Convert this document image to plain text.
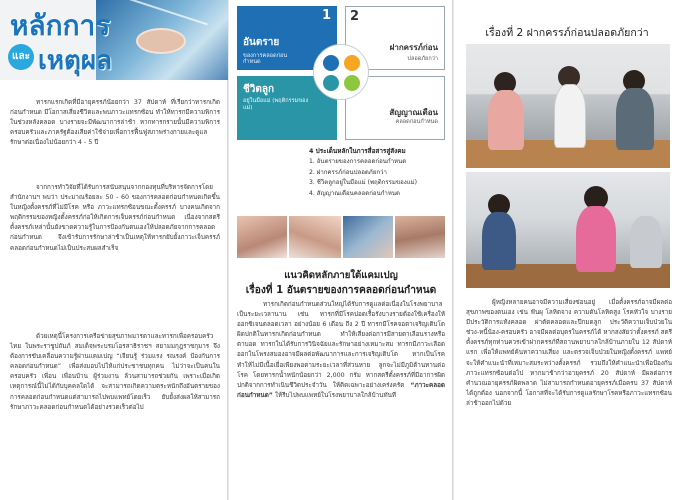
หลักการ
และ เหตุผล

ทารกแรกเกิดที่มีอายุครรภ์น้อยกว่า 37 สัปดาห์ ที่เรียกว่าทารกเกิดก่อนกำหนด มีโอกาสเสี่ยงชีวิตและพบภาวะแทรกซ้อน ทำให้ทารกมีความพิการในช่วงหลังคลอด บางรายจะมีพัฒนาการล่าช้า หากทารกรายนั้นมีความพิการ ครอบครัวและภาครัฐต้องเสียค่าใช้จ่ายเพื่อการฟื้นฟูสภาพร่างกายและดูแลรักษาต่อเนื่องไม่น้อยกว่า 4 - 5 ปี

จากการทำวิจัยที่ได้รับการสนับสนุนจากกองทุนที่บริหารจัดการโดยสำนักงานฯ พบว่า ประมาณร้อยละ 50 - 60 ของการคลอดก่อนกำหนดเกิดขึ้นในหญิงตั้งครรภ์ที่ไม่มีโรค หรือ ภาวะแทรกซ้อนขณะตั้งครรภ์ บางคนเกิดจากพฤติกรรมของหญิงตั้งครรภ์ก่อให้เกิดการเจ็บครรภ์ก่อนกำหนด เนื่องจากสตรีตั้งครรภ์เหล่านั้นยังขาดความรู้ในการป้องกันตนเองให้ปลอดภัยจากการคลอดก่อนกำหนด จึงเข้ารับการรักษาล่าช้าเป็นเหตุให้ทารกยับยั้งภาวะเจ็บครรภ์คลอดก่อนกำหนดไม่เป็นประสบผลสำเร็จ

ด้วยเหตุนี้โครงการเครือข่ายสุขภาพมารดาและทารกเพื่อครอบครัวไทย ในพระราชูปถัมภ์ สมเด็จพระบรมโอรสาธิราชฯ สยามมกุฎราชกุมาร จึงต้องการขับเคลื่อนความรู้ผ่านแคมเปญ “เจียนรู้ ร่วมแรง รณรงค์ ป้องกันการคลอดก่อนกำหนด” เพื่อส่งมอบไปให้แก่ประชาชนทุกคน ไม่ว่าจะเป็นคนในครอบครัว เพื่อน เพื่อนบ้าน ผู้ร่วมงาน ล้วนสามารถช่วยกัน เพราะเมื่อเกิดเหตุการณ์นี้ไม่ได้กับบุคคลใดได้ จะสามารถเกิดความตระหนักถึงอันตรายของการคลอดก่อนกำหนดแต่สามารถไปพบแพทย์โดยเร็ว ยับยั้งส่งผลให้สามารถรักษาภาวะคลอดก่อนกำหนดได้อย่างรวดเร็วต่อไป

1
อันตราย
ของการคลอดก่อนกำหนด
2
ฝากครรภ์ก่อน
ปลอดภัยกว่า
ชีวิตลูก
อยู่ในมือแม่ (พฤติกรรมของแม่)
สัญญาณเตือน
คลอดก่อนกำหนด
4 ประเด็นหลักในการสื่อสารสู่สังคม
1. อันตรายของการคลอดก่อนกำหนด
2. ฝากครรภ์ก่อนปลอดภัยกว่า
3. ชีวิตลูกอยู่ในมือแม่ (พฤติกรรมของแม่)
4. สัญญาณเตือนคลอดก่อนกำหนด
แนวคิดหลักภายใต้แคมเปญ
เรื่องที่ 1 อันตรายของการคลอดก่อนกำหนด

ทารกเกิดก่อนกำหนดส่วนใหญ่ได้รับการดูแลต่อเนื่องในโรงพยาบาลเป็นระยะเวลานาน เช่น ทารกที่มีโรคปอดเรื้อรังบางรายต้องใช้เครื่องให้ออกซิเจนตลอดเวลา อย่างน้อย 6 เดือน ถึง 2 ปี ทารกมีโรคจอตาเจริญเติบโตผิดปกติในทารกเกิดก่อนกำหนด ทำให้เสี่ยงต่อการมีสายตาเลือนรางหรือตาบอด ทารกในได้รับการวินิจฉัยและรักษาอย่างเหมาะสม ทารกมีภาวะเลือดออกในโพรงสมองอาจมีผลต่อพัฒนาการและการเจริญเติบโต หากเป็นโรคทำให้ไม่มีเนื้อเยื่อเพียงพอตามระยะเวลาที่ส่วนหาย ลูกจะไม่มีภูมิต้านทานต่อโรค โดยทารกน้ำหนักน้อยกว่า 2,000 กรัม หากสตรีตั้งครรภ์ที่มีอาการผิดปกติจากการทำเนินชีวิตประจำวัน ให้ติดเฉพาะอย่างเคร่งครัด “ภาวะคลอดก่อนกำหนด” ให้รีบไปพบแพทย์ในโรงพยาบาลใกล้บ้านทันที

เรื่องที่ 2 ฝากครรภ์ก่อนปลอดภัยกว่า

ผู้หญิงหลายคนอาจมีความเสี่ยงซ่อนอยู่ เมื่อตั้งครรภ์อาจมีผลต่อสุขภาพของตนเอง เช่น ฟันผุ โลหิตจาง ความดันโลหิตสูง โรคหัวใจ บางรายมีประวัติการแท้งคลอด ผ่าตัดคลอดและปีกมดลูก ประวัติความเจ็บป่วยในช่วง-หนี้น้อง-ครอบครัว อาจมีผลต่อบุตรในครรภ์ได้ หากสงสัยว่าตั้งครรภ์ สตรีตั้งครรภ์ทุกท่านควรเข้าฝากครรภ์ที่สถานพยาบาลใกล้บ้านภายใน 12 สัปดาห์แรก เพื่อให้แพทย์ค้นหาความเสี่ยง และตรวจเจ็บป่วยในหญิงตั้งครรภ์ แพทย์จะให้คำแนะนำที่เหมาะสมระหว่างตั้งครรภ์ รวมถึงให้คำแนะนำเพื่อป้องกันภาวะแทรกซ้อนต่อไป หากมาช้ากว่าอายุครรภ์ 20 สัปดาห์ มีผลต่อการคำนวณอายุครรภ์ผิดพลาด ไม่สามารถกำหนดอายุครรภ์เมื่อครบ 37 สัปดาห์ ได้ถูกต้อง นอกจากนี้ โอกาสที่จะได้รับการดูแลรักษาโรคหรือภาวะแทรกซ้อนล่าช้าออกไปด้วย
